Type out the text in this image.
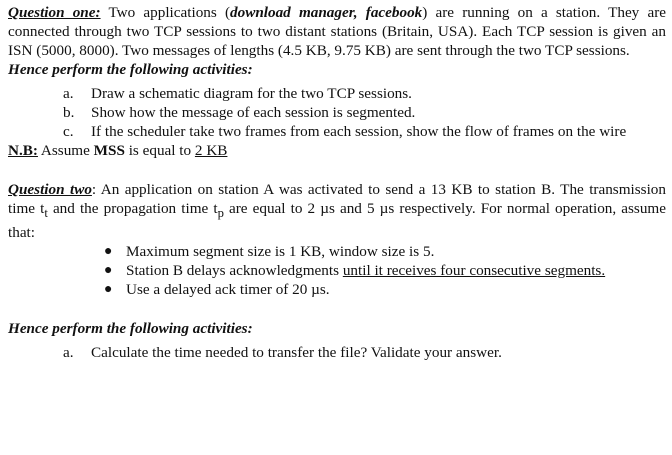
Question one: Two applications (download manager, facebook) are running on a station. They are connected through two TCP sessions to two distant stations (Britain, USA). Each TCP session is given an ISN (5000, 8000). Two messages of lengths (4.5 KB, 9.75 KB) are sent through the two TCP sessions.

Hence perform the following activities:

a. Draw a schematic diagram for the two TCP sessions.
b. Show how the message of each session is segmented.
c. If the scheduler take two frames from each session, show the flow of frames on the wire

N.B: Assume MSS is equal to 2 KB

Question two: An application on station A was activated to send a 13 KB to station B. The transmission time $t_t$ and the propagation time $t_p$ are equal to 2 µs and 5 µs respectively. For normal operation, assume that:

● Maximum segment size is 1 KB, window size is 5.
● Station B delays acknowledgments until it receives four consecutive segments.
● Use a delayed ack timer of 20 µs.

Hence perform the following activities:

a. Calculate the time needed to transfer the file? Validate your answer.
